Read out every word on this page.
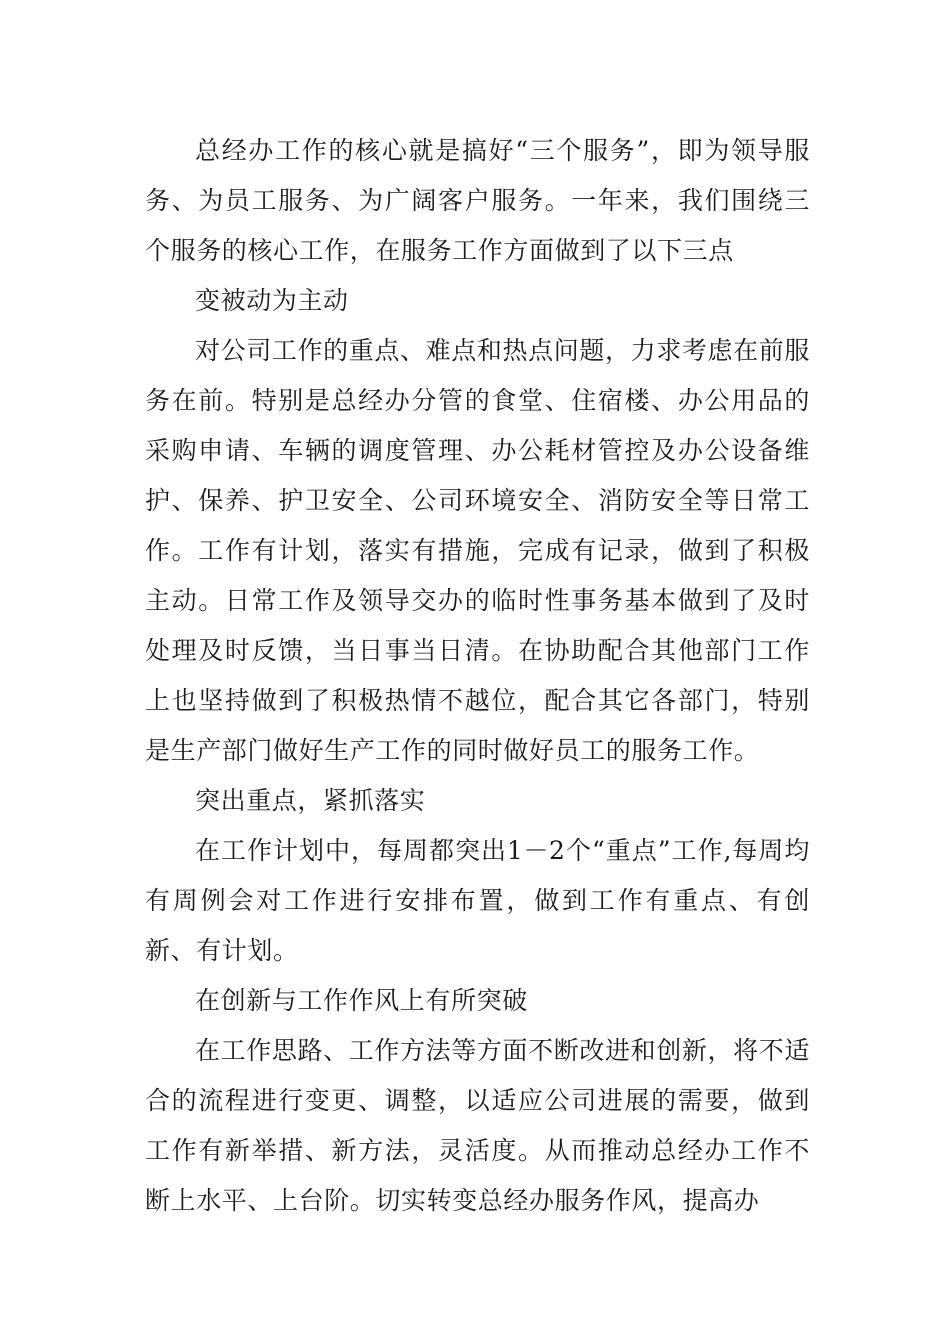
总经办工作的核心就是搞好“三个服务”，即为领导服务、为员工服务、为广阔客户服务。一年来，我们围绕三个服务的核心工作，在服务工作方面做到了以下三点

变被动为主动

对公司工作的重点、难点和热点问题，力求考虑在前服务在前。特别是总经办分管的食堂、住宿楼、办公用品的采购申请、车辆的调度管理、办公耗材管控及办公设备维护、保养、护卫安全、公司环境安全、消防安全等日常工作。工作有计划，落实有措施，完成有记录，做到了积极主动。日常工作及领导交办的临时性事务基本做到了及时处理及时反馈，当日事当日清。在协助配合其他部门工作上也坚持做到了积极热情不越位，配合其它各部门，特别是生产部门做好生产工作的同时做好员工的服务工作。

突出重点，紧抓落实

在工作计划中，每周都突出1－2个“重点”工作,每周均有周例会对工作进行安排布置，做到工作有重点、有创新、有计划。

在创新与工作作风上有所突破

在工作思路、工作方法等方面不断改进和创新，将不适合的流程进行变更、调整，以适应公司进展的需要，做到工作有新举措、新方法，灵活度。从而推动总经办工作不断上水平、上台阶。切实转变总经办服务作风，提高办
